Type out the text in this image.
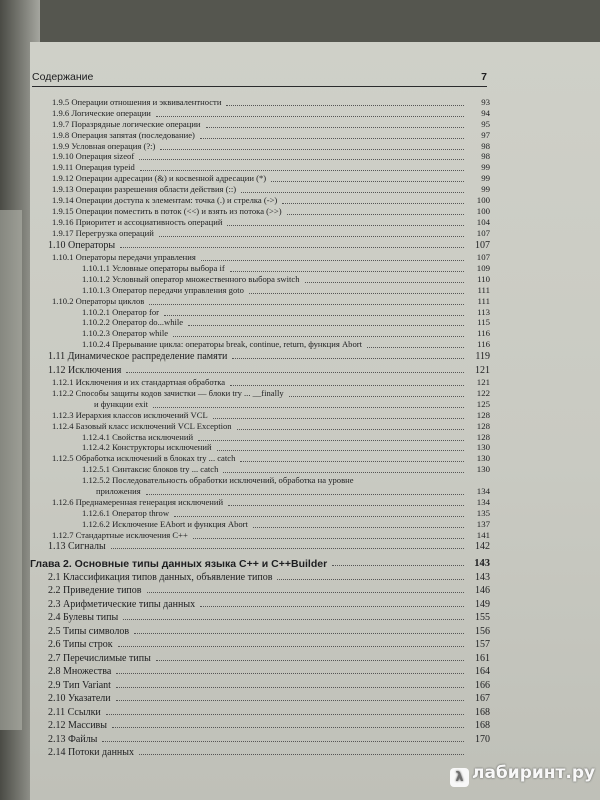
Содержание	7
1.9.5 Операции отношения и эквивалентности	93
1.9.6 Логические операции	94
1.9.7 Поразрядные логические операции	95
1.9.8 Операция запятая (последование)	97
1.9.9 Условная операция (?:)	98
1.9.10 Операция sizeof	98
1.9.11 Операция typeid	99
1.9.12 Операции адресации (&) и косвенной адресации (*)	99
1.9.13 Операции разрешения области действия (::)	99
1.9.14 Операции доступа к элементам: точка (.) и стрелка (->)	100
1.9.15 Операции поместить в поток (<<) и взять из потока (>>)	100
1.9.16 Приоритет и ассоциативность операций	104
1.9.17 Перегрузка операций	107
1.10 Операторы	107
1.10.1 Операторы передачи управления	107
1.10.1.1 Условные операторы выбора if	109
1.10.1.2 Условный оператор множественного выбора switch	110
1.10.1.3 Оператор передачи управления goto	111
1.10.2 Операторы циклов	111
1.10.2.1 Оператор for	113
1.10.2.2 Оператор do...while	115
1.10.2.3 Оператор while	116
1.10.2.4 Прерывание цикла: операторы break, continue, return, функция Abort	116
1.11 Динамическое распределение памяти	119
1.12 Исключения	121
1.12.1 Исключения и их стандартная обработка	121
1.12.2 Способы защиты кодов зачистки — блоки try ... __finally	122
и функции exit	125
1.12.3 Иерархия классов исключений VCL	128
1.12.4 Базовый класс исключений VCL Exception	128
1.12.4.1 Свойства исключений	128
1.12.4.2 Конструкторы исключений	130
1.12.5 Обработка исключений в блоках try ... catch	130
1.12.5.1 Синтаксис блоков try ... catch	130
1.12.5.2 Последовательность обработки исключений, обработка на уровне
приложения	134
1.12.6 Преднамеренная генерация исключений	134
1.12.6.1 Оператор throw	135
1.12.6.2 Исключение EAbort и функция Abort	137
1.12.7 Стандартные исключения C++	141
1.13 Сигналы	142
Глава 2. Основные типы данных языка C++ и C++Builder	143
2.1 Классификация типов данных, объявление типов	143
2.2 Приведение типов	146
2.3 Арифметические типы данных	149
2.4 Булевы типы	155
2.5 Типы символов	156
2.6 Типы строк	157
2.7 Перечислимые типы	161
2.8 Множества	164
2.9 Тип Variant	166
2.10 Указатели	167
2.11 Ссылки	168
2.12 Массивы	168
2.13 Файлы	170
2.14 Потоки данных
λ лабиринт.ру
